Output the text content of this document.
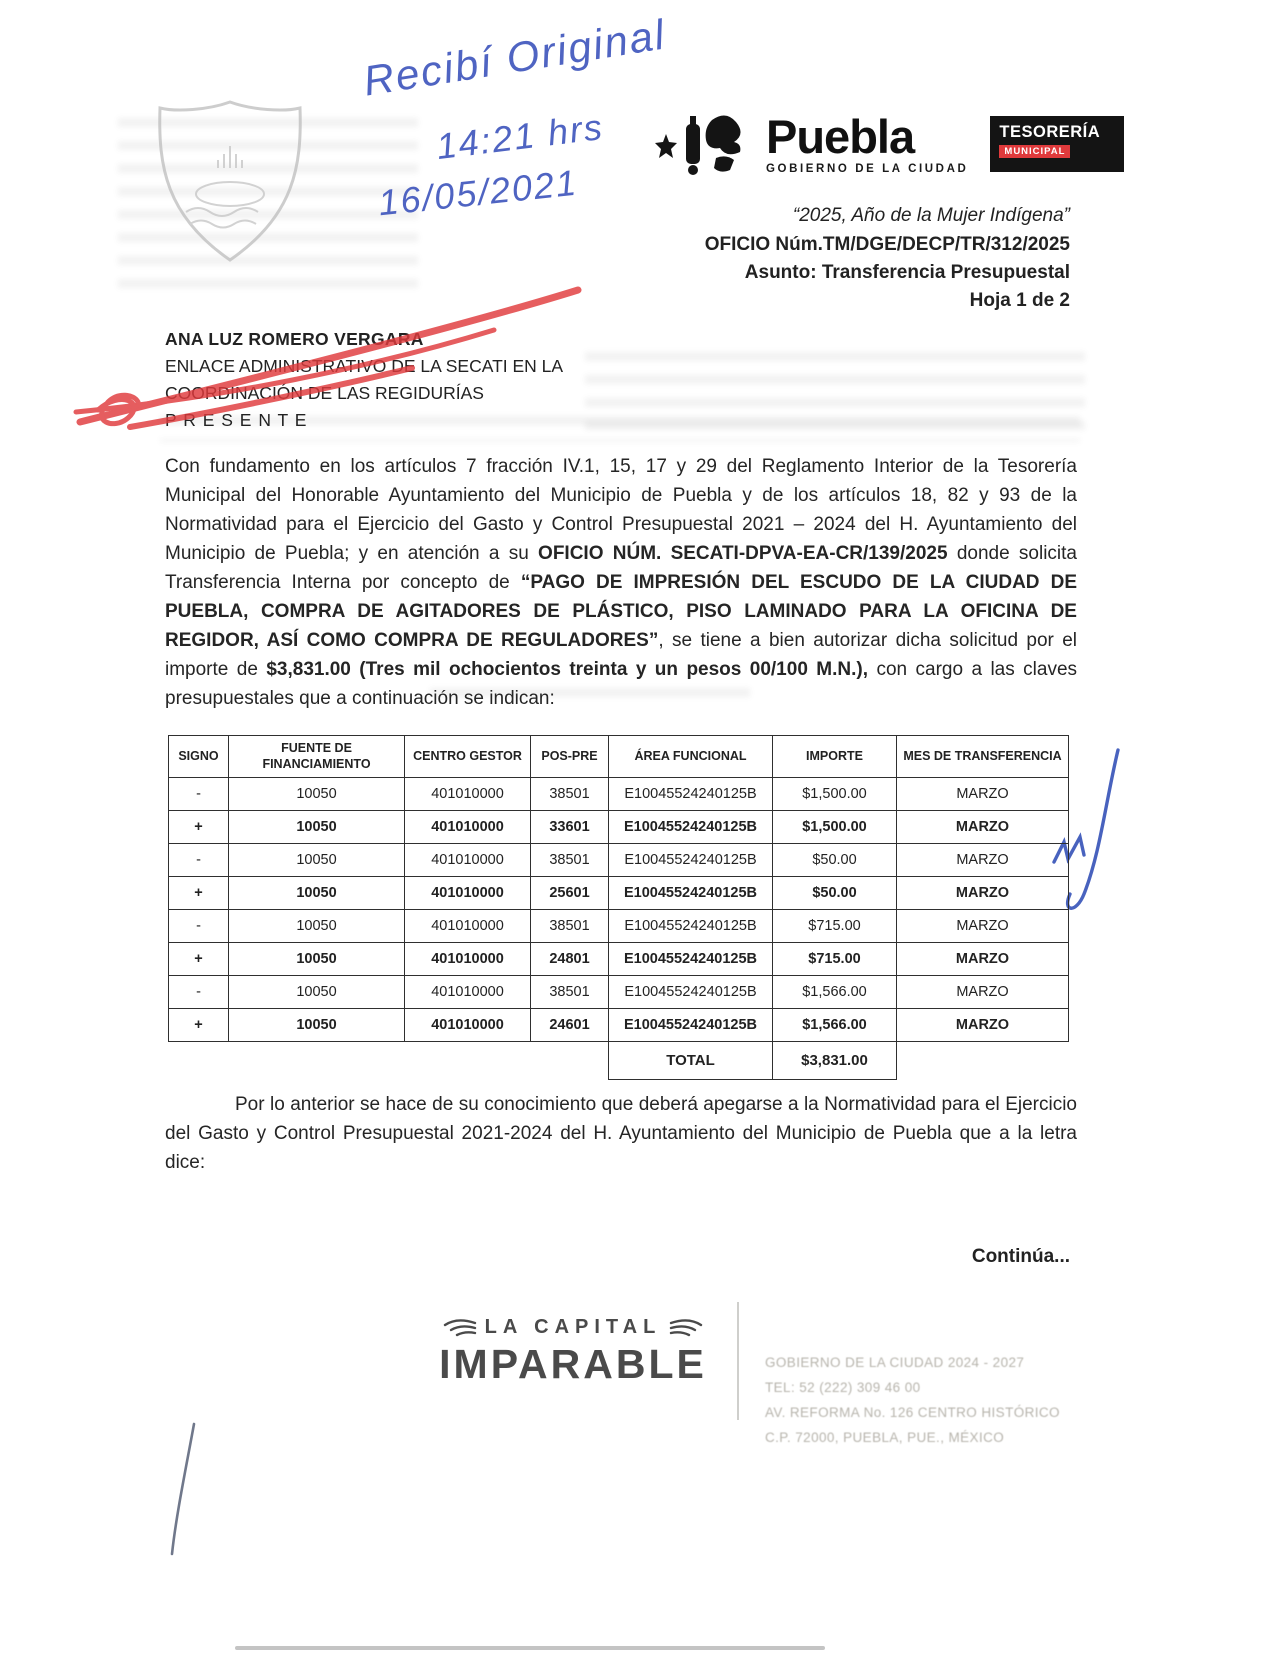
Recibí Original
14:21 hrs
16/05/2021
Puebla
GOBIERNO DE LA CIUDAD
TESORERÍA
MUNICIPAL
“2025, Año de la Mujer Indígena”
OFICIO Núm.TM/DGE/DECP/TR/312/2025
Asunto: Transferencia Presupuestal
Hoja 1 de 2
ANA LUZ ROMERO VERGARA
ENLACE ADMINISTRATIVO DE LA SECATI EN LA
COORDINACIÓN DE LAS REGIDURÍAS
P R E S E N T E

Con fundamento en los artículos 7 fracción IV.1, 15, 17 y 29 del Reglamento Interior de la Tesorería Municipal del Honorable Ayuntamiento del Municipio de Puebla y de los artículos 18, 82 y 93 de la Normatividad para el Ejercicio del Gasto y Control Presupuestal 2021 – 2024 del H. Ayuntamiento del Municipio de Puebla; y en atención a su OFICIO NÚM. SECATI-DPVA-EA-CR/139/2025 donde solicita Transferencia Interna por concepto de “PAGO DE IMPRESIÓN DEL ESCUDO DE LA CIUDAD DE PUEBLA, COMPRA DE AGITADORES DE PLÁSTICO, PISO LAMINADO PARA LA OFICINA DE REGIDOR, ASÍ COMO COMPRA DE REGULADORES”, se tiene a bien autorizar dicha solicitud por el importe de $3,831.00 (Tres mil ochocientos treinta y un pesos 00/100 M.N.), con cargo a las claves presupuestales que a continuación se indican:

SIGNO	FUENTE DE FINANCIAMIENTO	CENTRO GESTOR	POS-PRE	ÁREA FUNCIONAL	IMPORTE	MES DE TRANSFERENCIA
-	10050	401010000	38501	E10045524240125B	$1,500.00	MARZO
+	10050	401010000	33601	E10045524240125B	$1,500.00	MARZO
-	10050	401010000	38501	E10045524240125B	$50.00	MARZO
+	10050	401010000	25601	E10045524240125B	$50.00	MARZO
-	10050	401010000	38501	E10045524240125B	$715.00	MARZO
+	10050	401010000	24801	E10045524240125B	$715.00	MARZO
-	10050	401010000	38501	E10045524240125B	$1,566.00	MARZO
+	10050	401010000	24601	E10045524240125B	$1,566.00	MARZO
				TOTAL	$3,831.00	

Por lo anterior se hace de su conocimiento que deberá apegarse a la Normatividad para el Ejercicio del Gasto y Control Presupuestal 2021-2024 del H. Ayuntamiento del Municipio de Puebla que a la letra dice:

Continúa...
LA CAPITAL
IMPARABLE	GOBIERNO DE LA CIUDAD 2024 - 2027
TEL: 52 (222) 309 46 00
AV. REFORMA No. 126 CENTRO HISTÓRICO
C.P. 72000, PUEBLA, PUE., MÉXICO
